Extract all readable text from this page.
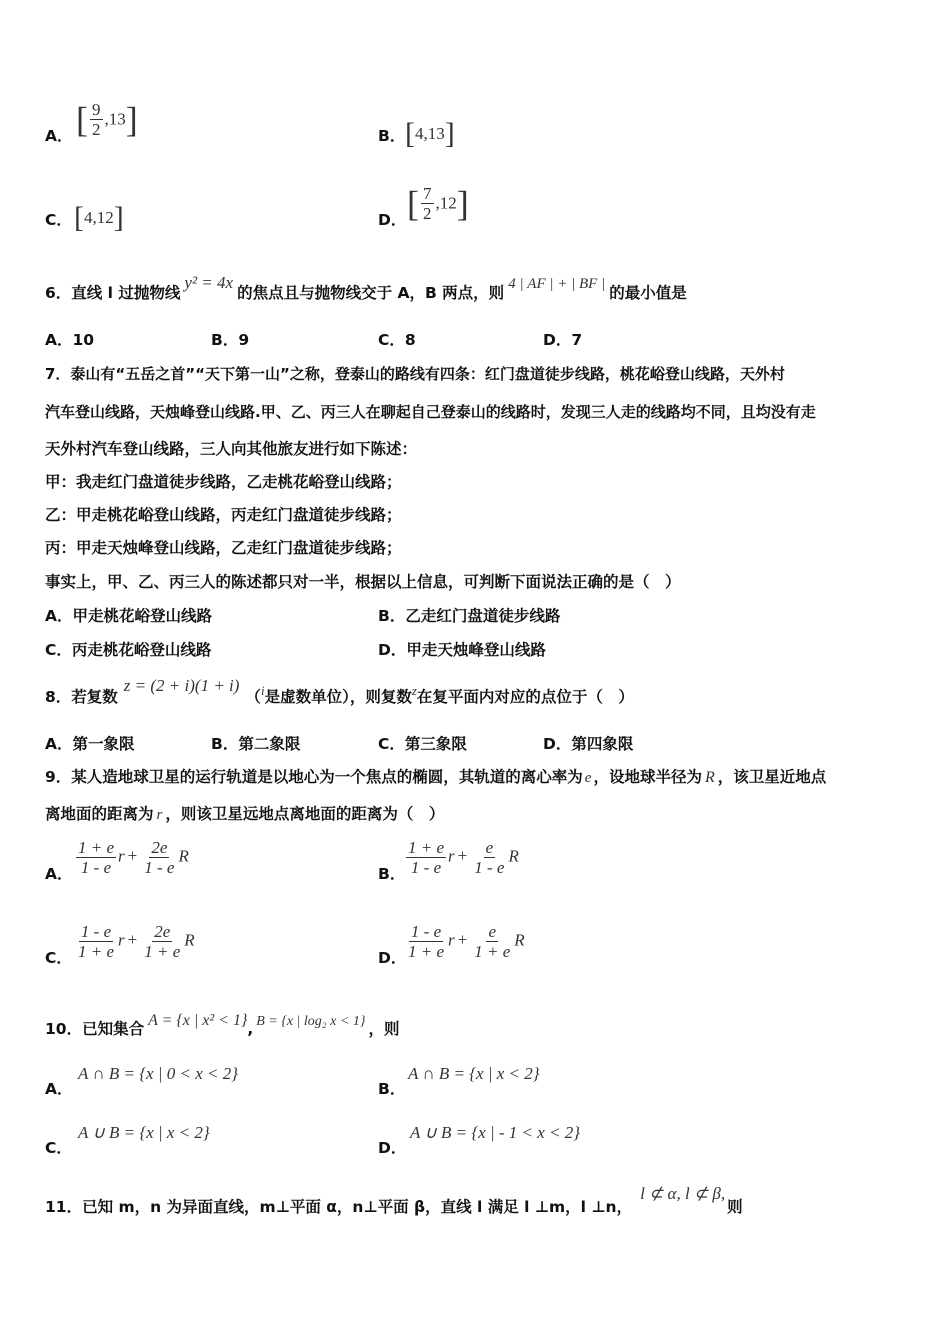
A． [ $\frac{9}{2} ,13$]	B． [4,13]
C． [4,12]	D． [ $\frac{7}{2} ,12$]
6．直线 l 过抛物线y² = 4x的焦点且与抛物线交于 A，B 两点，则 4 | AF | + | BF | 的最小值是
A．10	B．9	C．8	D．7
7．泰山有“五岳之首”“天下第一山”之称，登泰山的路线有四条：红门盘道徒步线路，桃花峪登山线路，天外村
汽车登山线路，天烛峰登山线路.甲、乙、丙三人在聊起自己登泰山的线路时，发现三人走的线路均不同，且均没有走
天外村汽车登山线路，三人向其他旅友进行如下陈述：
甲：我走红门盘道徒步线路，乙走桃花峪登山线路；
乙：甲走桃花峪登山线路，丙走红门盘道徒步线路；
丙：甲走天烛峰登山线路，乙走红门盘道徒步线路；
事实上，甲、乙、丙三人的陈述都只对一半，根据以上信息，可判断下面说法正确的是（　）
A．甲走桃花峪登山线路	B．乙走红门盘道徒步线路
C．丙走桃花峪登山线路	D．甲走天烛峰登山线路
8．若复数z = (2 + i)(1 + i)（$^i$是虚数单位），则复数$^z$在复平面内对应的点位于（　）
A．第一象限	B．第二象限	C．第三象限	D．第四象限
9．某人造地球卫星的运行轨道是以地心为一个焦点的椭圆，其轨道的离心率为 e ，设地球半径为 R ，该卫星近地点
离地面的距离为 r ，则该卫星远地点离地面的距离为（　）
A． $\frac{1 + e}{1 - e}$ $r + \frac{2e}{1 - e}$ R
B． $\frac{1 + e}{1 - e}$ $r + \frac{e}{1 - e}$ R
C． $\frac{1 - e}{1 + e}$ $r + \frac{2e}{1 + e}$ R
D． $\frac{1 - e}{1 + e}$ $r + \frac{e}{1 + e}$ R
10．已知集合 A = {x | x² < 1}, B = {x | log₂ x < 1} ，则
A．
A ∩ B = {x | 0 < x < 2}
B．
A ∩ B = {x | x < 2}
C．
A ∪ B = {x | x < 2}
D．
A ∪ B = {x | - 1 < x < 2}
11．已知 m，n 为异面直线，m⊥平面 α，n⊥平面 β，直线 l 满足 l ⊥m，l ⊥n，l ⊄ α, l ⊄ β,则
